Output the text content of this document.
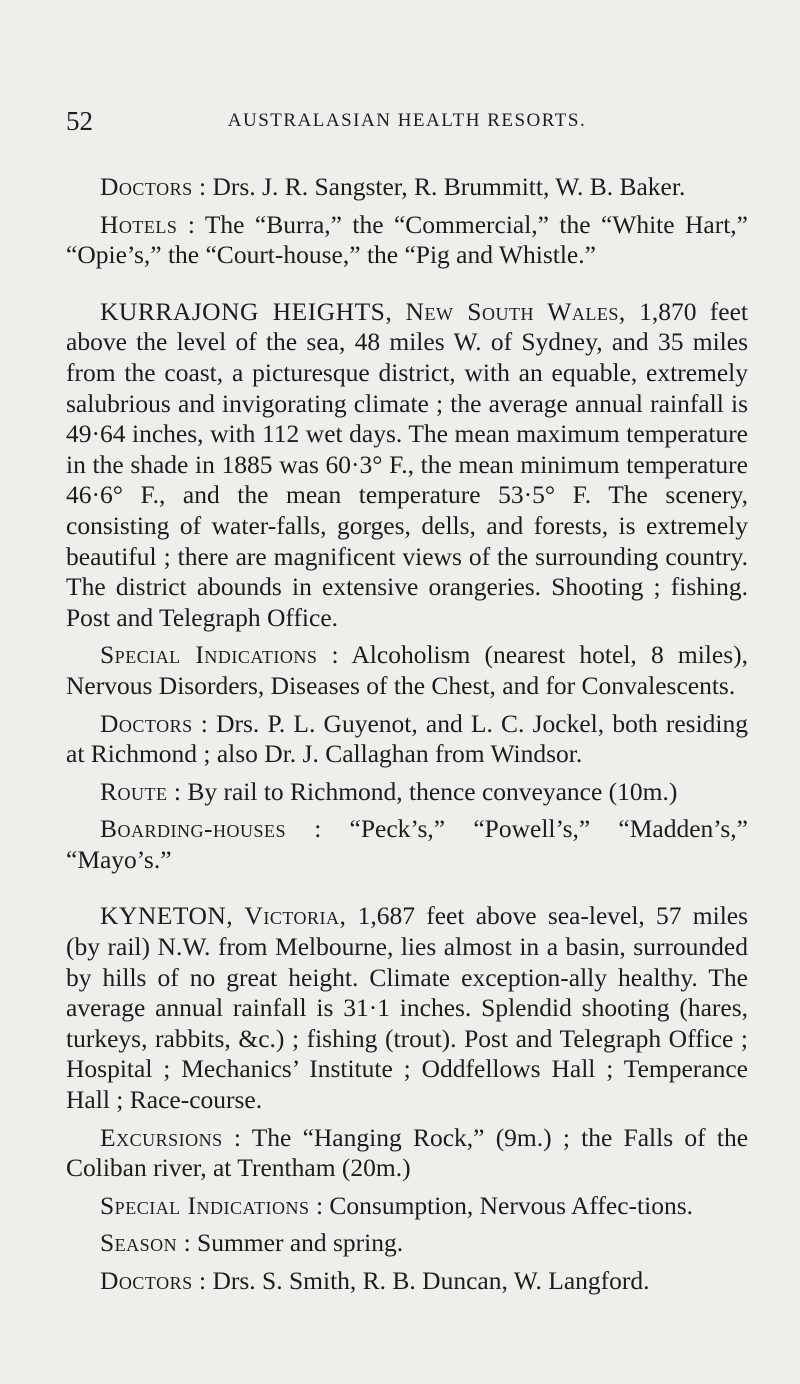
52	AUSTRALASIAN HEALTH RESORTS.

Doctors : Drs. J. R. Sangster, R. Brummitt, W. B. Baker.

Hotels : The “Burra,” the “Commercial,” the “White Hart,” “Opie’s,” the “Court-house,” the “Pig and Whistle.”

KURRAJONG HEIGHTS, New South Wales, 1,870 feet above the level of the sea, 48 miles W. of Sydney, and 35 miles from the coast, a picturesque district, with an equable, extremely salubrious and invigorating climate ; the average annual rainfall is 49·64 inches, with 112 wet days. The mean maximum temperature in the shade in 1885 was 60·3° F., the mean minimum temperature 46·6° F., and the mean temperature 53·5° F. The scenery, consisting of water-falls, gorges, dells, and forests, is extremely beautiful ; there are magnificent views of the surrounding country. The district abounds in extensive orangeries. Shooting ; fishing. Post and Telegraph Office.

Special Indications : Alcoholism (nearest hotel, 8 miles), Nervous Disorders, Diseases of the Chest, and for Convalescents.

Doctors : Drs. P. L. Guyenot, and L. C. Jockel, both residing at Richmond ; also Dr. J. Callaghan from Windsor.

Route : By rail to Richmond, thence conveyance (10m.)

Boarding-houses : “Peck’s,” “Powell’s,” “Madden’s,” “Mayo’s.”

KYNETON, Victoria, 1,687 feet above sea-level, 57 miles (by rail) N.W. from Melbourne, lies almost in a basin, surrounded by hills of no great height. Climate exception-ally healthy. The average annual rainfall is 31·1 inches. Splendid shooting (hares, turkeys, rabbits, &c.) ; fishing (trout). Post and Telegraph Office ; Hospital ; Mechanics’ Institute ; Oddfellows Hall ; Temperance Hall ; Race-course.

Excursions : The “Hanging Rock,” (9m.) ; the Falls of the Coliban river, at Trentham (20m.)

Special Indications : Consumption, Nervous Affec-tions.

Season : Summer and spring.

Doctors : Drs. S. Smith, R. B. Duncan, W. Langford.
